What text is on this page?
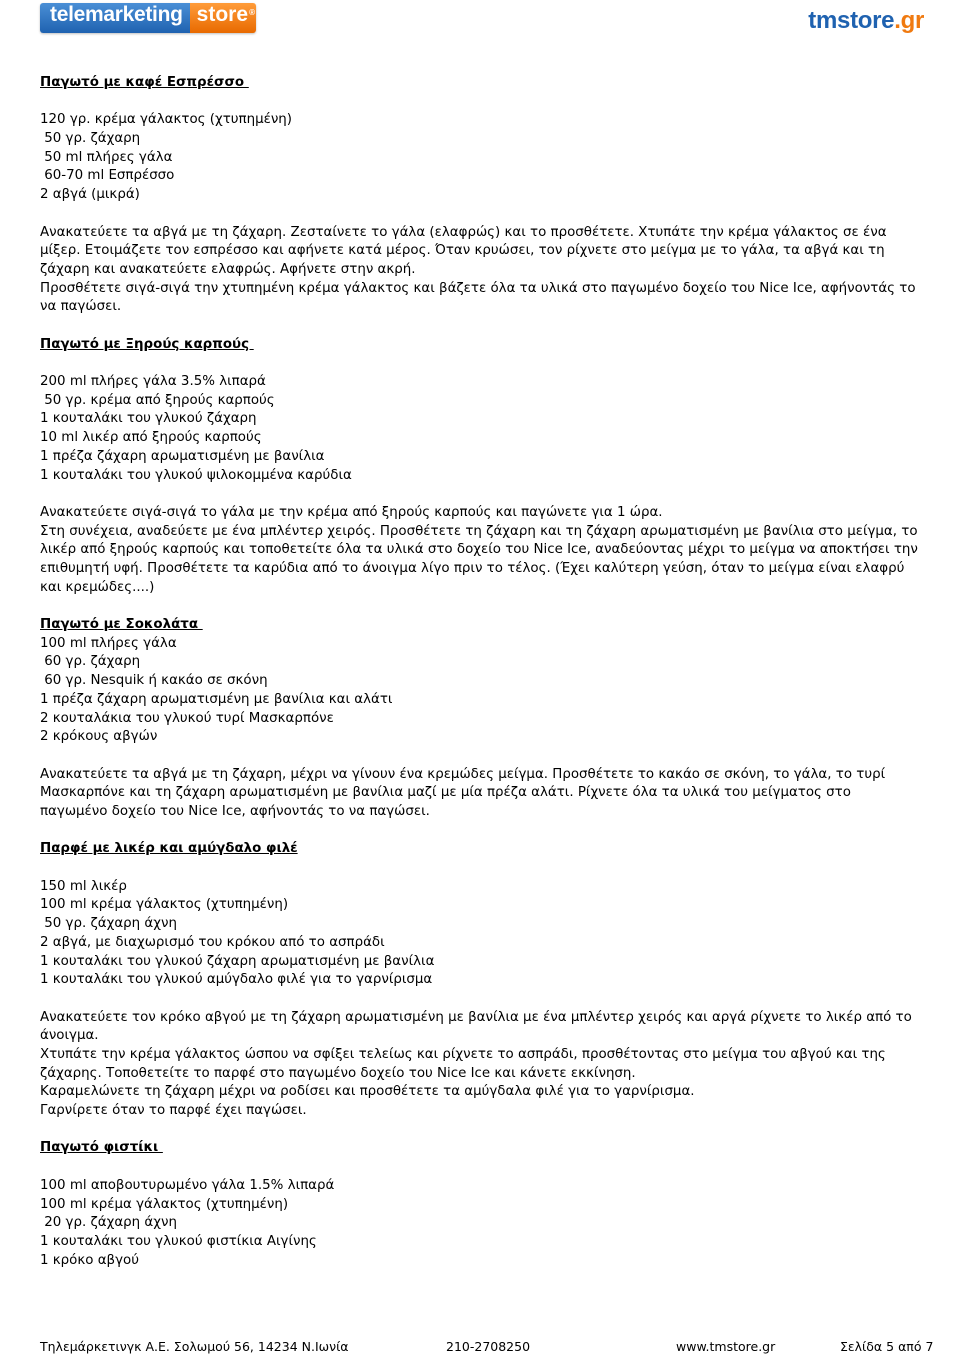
telemarketing store ®	tmstore.gr
Παγωτό με καφέ Εσπρέσσο
120 γρ. κρέμα γάλακτος (χτυπημένη)
50 γρ. ζάχαρη
50 ml πλήρες γάλα
60-70 ml Εσπρέσσο
2 αβγά (μικρά)

Ανακατεύετε τα αβγά με τη ζάχαρη. Ζεσταίνετε το γάλα (ελαφρώς) και το προσθέτετε. Χτυπάτε την κρέμα γάλακτος σε ένα μίξερ. Ετοιμάζετε τον εσπρέσσο και αφήνετε κατά μέρος. Όταν κρυώσει, τον ρίχνετε στο μείγμα με το γάλα, τα αβγά και τη ζάχαρη και ανακατεύετε ελαφρώς. Αφήνετε στην ακρή.

Προσθέτετε σιγά-σιγά την χτυπημένη κρέμα γάλακτος και βάζετε όλα τα υλικά στο παγωμένο δοχείο του Nice Ice, αφήνοντάς το να παγώσει.

Παγωτό με Ξηρούς καρπούς
200 ml πλήρες γάλα 3.5% λιπαρά
50 γρ. κρέμα από ξηρούς καρπούς
1 κουταλάκι του γλυκού ζάχαρη
10 ml λικέρ από ξηρούς καρπούς
1 πρέζα ζάχαρη αρωματισμένη με βανίλια
1 κουταλάκι του γλυκού ψιλοκομμένα καρύδια

Ανακατεύετε σιγά-σιγά το γάλα με την κρέμα από ξηρούς καρπούς και παγώνετε για 1 ώρα.

Στη συνέχεια, αναδεύετε με ένα μπλέντερ χειρός. Προσθέτετε τη ζάχαρη και τη ζάχαρη αρωματισμένη με βανίλια στο μείγμα, το λικέρ από ξηρούς καρπούς και τοποθετείτε όλα τα υλικά στο δοχείο του Nice Ice, αναδεύοντας μέχρι το μείγμα να αποκτήσει την επιθυμητή υφή. Προσθέτετε τα καρύδια από το άνοιγμα λίγο πριν το τέλος. (Έχει καλύτερη γεύση, όταν το μείγμα είναι ελαφρύ και κρεμώδες....)

Παγωτό με Σοκολάτα
100 ml πλήρες γάλα
60 γρ. ζάχαρη
60 γρ. Nesquik ή κακάο σε σκόνη
1 πρέζα ζάχαρη αρωματισμένη με βανίλια και αλάτι
2 κουταλάκια του γλυκού τυρί Μασκαρπόνε
2 κρόκους αβγών

Ανακατεύετε τα αβγά με τη ζάχαρη, μέχρι να γίνουν ένα κρεμώδες μείγμα. Προσθέτετε το κακάο σε σκόνη, το γάλα, το τυρί Μασκαρπόνε και τη ζάχαρη αρωματισμένη με βανίλια μαζί με μία πρέζα αλάτι. Ρίχνετε όλα τα υλικά του μείγματος στο παγωμένο δοχείο του Nice Ice, αφήνοντάς το να παγώσει.

Παρφέ με λικέρ και αμύγδαλο φιλέ
150 ml λικέρ
100 ml κρέμα γάλακτος (χτυπημένη)
50 γρ. ζάχαρη άχνη
2 αβγά, με διαχωρισμό του κρόκου από το ασπράδι
1 κουταλάκι του γλυκού ζάχαρη αρωματισμένη με βανίλια
1 κουταλάκι του γλυκού αμύγδαλο φιλέ για το γαρνίρισμα

Ανακατεύετε τον κρόκο αβγού με τη ζάχαρη αρωματισμένη με βανίλια με ένα μπλέντερ χειρός και αργά ρίχνετε το λικέρ από το άνοιγμα.

Χτυπάτε την κρέμα γάλακτος ώσπου να σφίξει τελείως και ρίχνετε το ασπράδι, προσθέτοντας στο μείγμα του αβγού και της ζάχαρης. Τοποθετείτε το παρφέ στο παγωμένο δοχείο του Nice Ice και κάνετε εκκίνηση.

Καραμελώνετε τη ζάχαρη μέχρι να ροδίσει και προσθέτετε τα αμύγδαλα φιλέ για το γαρνίρισμα.

Γαρνίρετε όταν το παρφέ έχει παγώσει.

Παγωτό φιστίκι
100 ml αποβουτυρωμένο γάλα 1.5% λιπαρά
100 ml κρέμα γάλακτος (χτυπημένη)
20 γρ. ζάχαρη άχνη
1 κουταλάκι του γλυκού φιστίκια Αιγίνης
1 κρόκο αβγού
Τηλεμάρκετινγκ Α.Ε. Σολωμού 56, 14234 Ν.Ιωνία	210-2708250	www.tmstore.gr	Σελίδα 5 από 7
